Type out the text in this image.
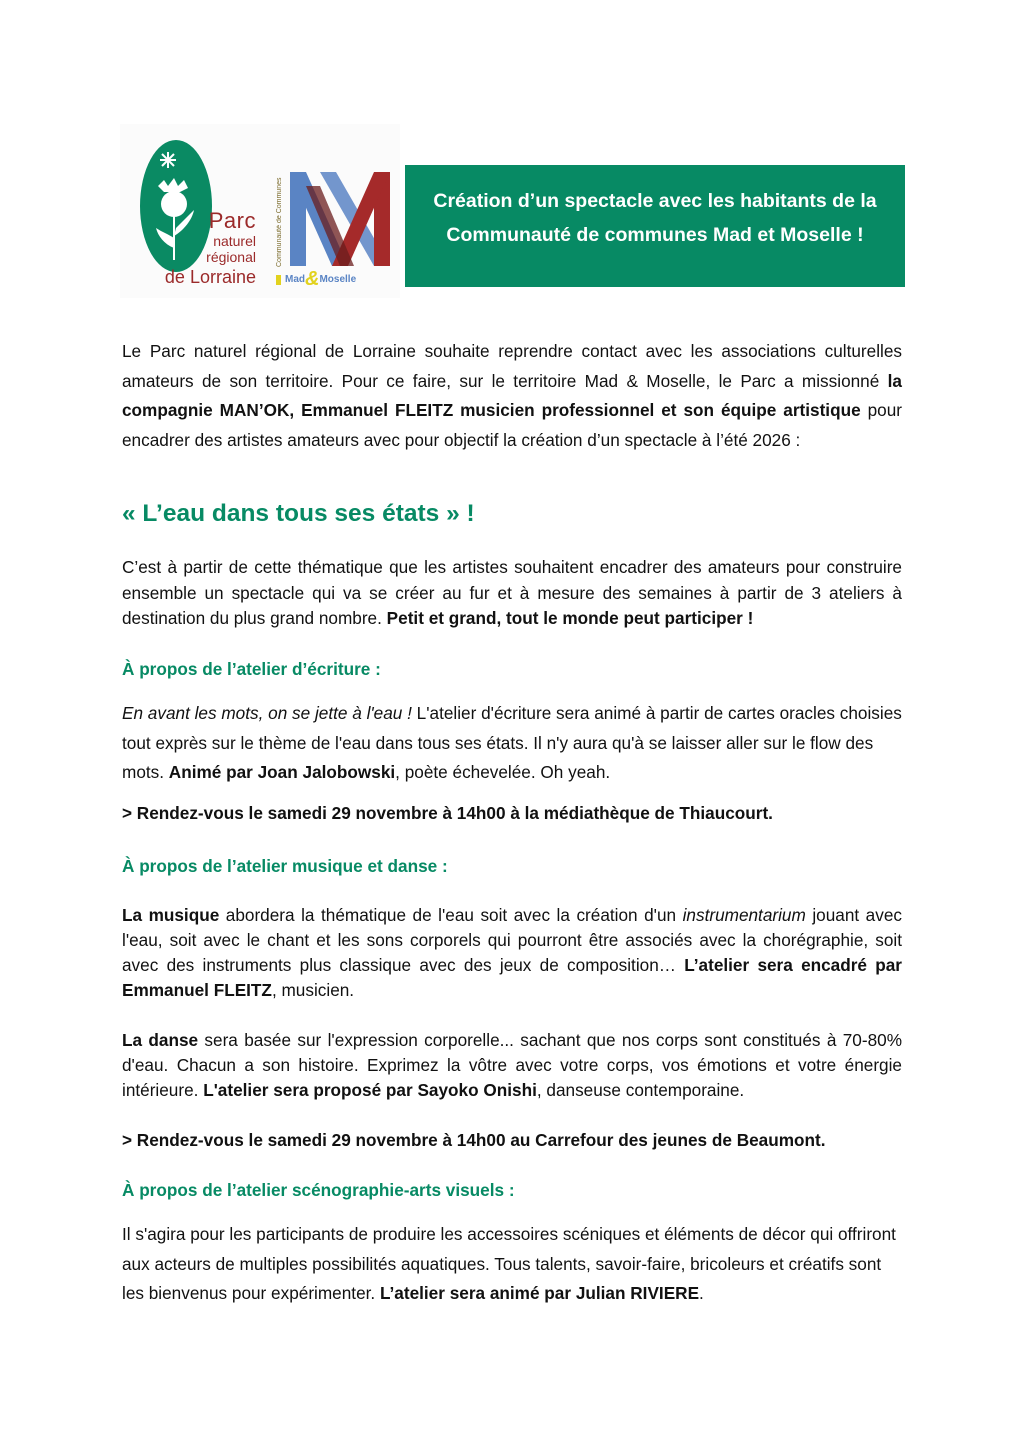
Parc
naturel
régional
de Lorraine
Communauté de Communes
Mad&Moselle
Création d’un spectacle avec les habitants de la
Communauté de communes Mad et Moselle !

Le Parc naturel régional de Lorraine souhaite reprendre contact avec les associations culturelles amateurs de son territoire. Pour ce faire, sur le territoire Mad & Moselle, le Parc a missionné la compagnie MAN’OK, Emmanuel FLEITZ musicien professionnel et son équipe artistique pour encadrer des artistes amateurs avec pour objectif la création d’un spectacle à l’été 2026 :

« L’eau dans tous ses états » !

C’est à partir de cette thématique que les artistes souhaitent encadrer des amateurs pour construire ensemble un spectacle qui va se créer au fur et à mesure des semaines à partir de 3 ateliers à destination du plus grand nombre. Petit et grand, tout le monde peut participer !

À propos de l’atelier d’écriture :

En avant les mots, on se jette à l'eau ! L'atelier d'écriture sera animé à partir de cartes oracles choisies tout exprès sur le thème de l'eau dans tous ses états. Il n'y aura qu'à se laisser aller sur le flow des mots. Animé par Joan Jalobowski, poète échevelée. Oh yeah.

> Rendez-vous le samedi 29 novembre à 14h00 à la médiathèque de Thiaucourt.

À propos de l’atelier musique et danse :

La musique abordera la thématique de l'eau soit avec la création d'un instrumentarium jouant avec l'eau, soit avec le chant et les sons corporels qui pourront être associés avec la chorégraphie, soit avec des instruments plus classique avec des jeux de composition… L’atelier sera encadré par Emmanuel FLEITZ, musicien.

La danse sera basée sur l'expression corporelle... sachant que nos corps sont constitués à 70-80% d'eau. Chacun a son histoire. Exprimez la vôtre avec votre corps, vos émotions et votre énergie intérieure. L'atelier sera proposé par Sayoko Onishi, danseuse contemporaine.

> Rendez-vous le samedi 29 novembre à 14h00 au Carrefour des jeunes de Beaumont.

À propos de l’atelier scénographie-arts visuels :

Il s'agira pour les participants de produire les accessoires scéniques et éléments de décor qui offriront aux acteurs de multiples possibilités aquatiques. Tous talents, savoir-faire, bricoleurs et créatifs sont les bienvenus pour expérimenter. L’atelier sera animé par Julian RIVIERE.
